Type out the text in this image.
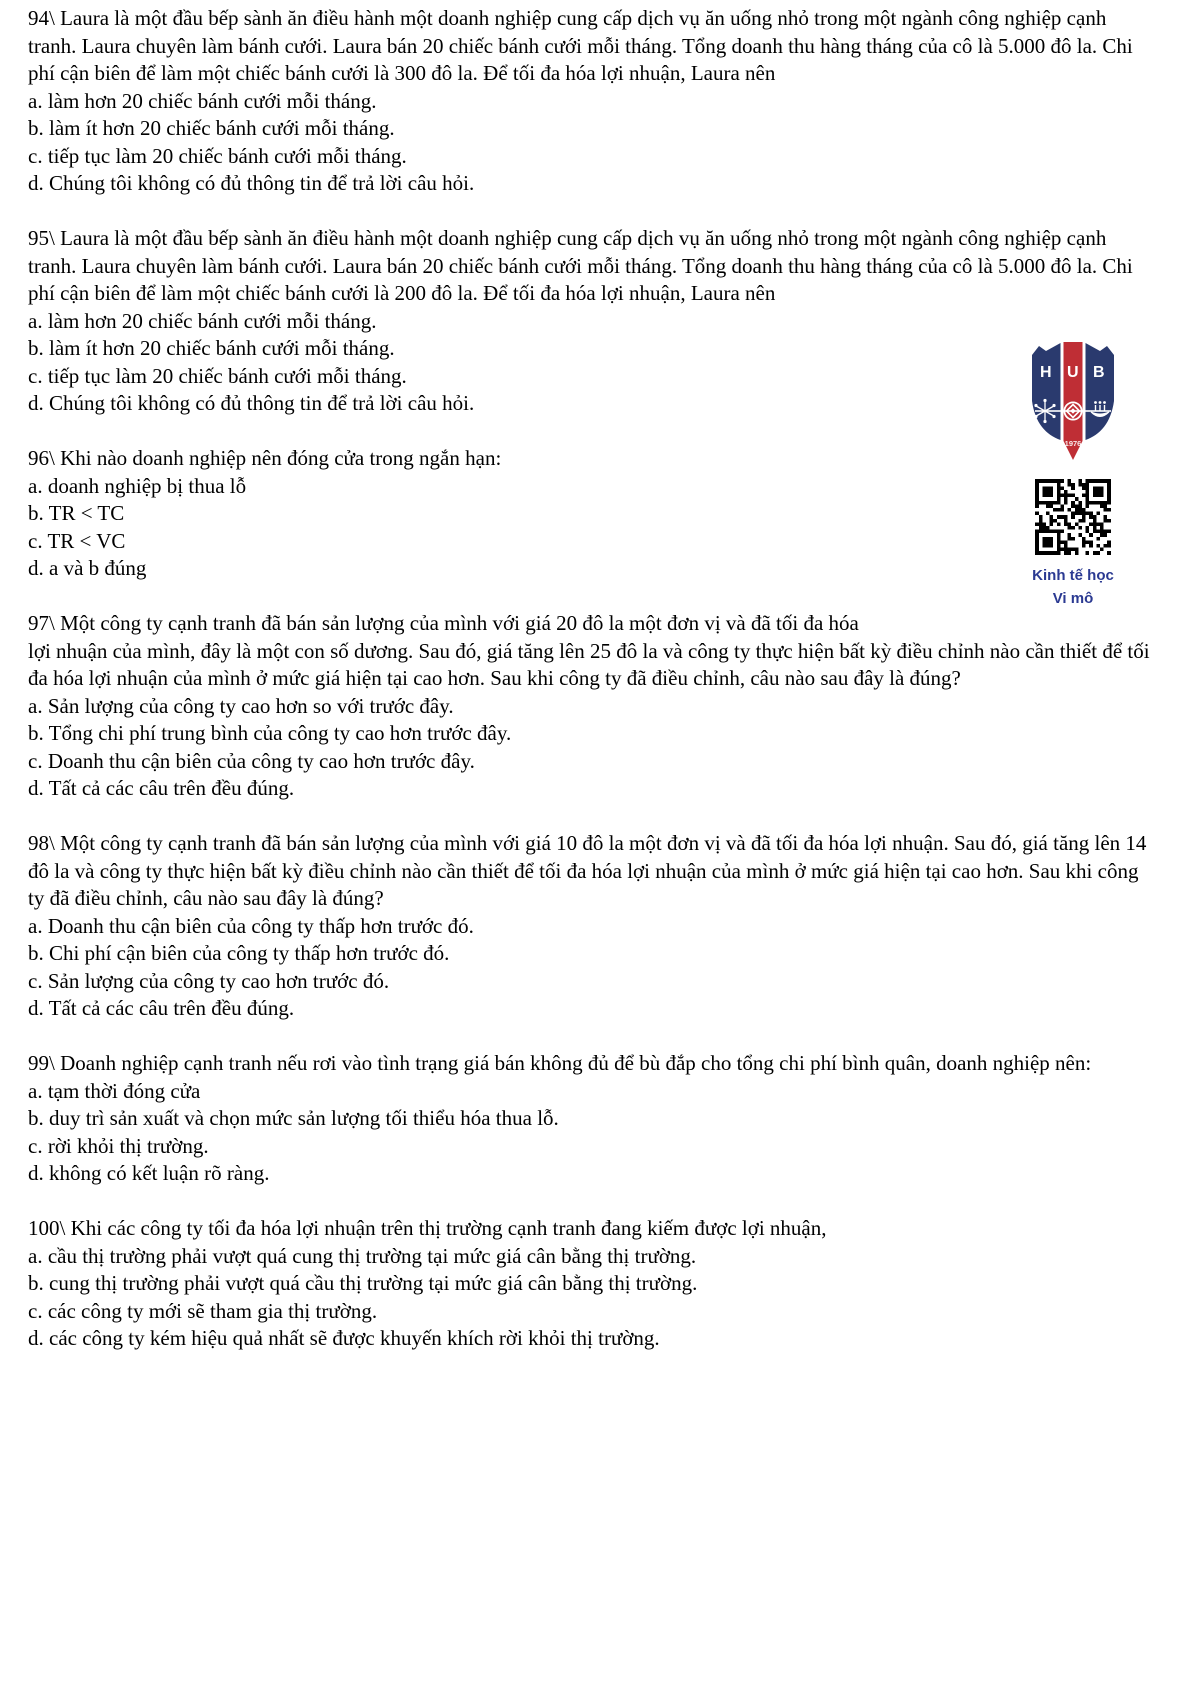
94\ Laura là một đầu bếp sành ăn điều hành một doanh nghiệp cung cấp dịch vụ ăn uống nhỏ trong một ngành công nghiệp cạnh tranh. Laura chuyên làm bánh cưới. Laura bán 20 chiếc bánh cưới mỗi tháng. Tổng doanh thu hàng tháng của cô là 5.000 đô la. Chi phí cận biên để làm một chiếc bánh cưới là 300 đô la. Để tối đa hóa lợi nhuận, Laura nên

a. làm hơn 20 chiếc bánh cưới mỗi tháng.

b. làm ít hơn 20 chiếc bánh cưới mỗi tháng.

c. tiếp tục làm 20 chiếc bánh cưới mỗi tháng.

d. Chúng tôi không có đủ thông tin để trả lời câu hỏi.

95\ Laura là một đầu bếp sành ăn điều hành một doanh nghiệp cung cấp dịch vụ ăn uống nhỏ trong một ngành công nghiệp cạnh tranh. Laura chuyên làm bánh cưới. Laura bán 20 chiếc bánh cưới mỗi tháng. Tổng doanh thu hàng tháng của cô là 5.000 đô la. Chi phí cận biên để làm một chiếc bánh cưới là 200 đô la. Để tối đa hóa lợi nhuận, Laura nên

a. làm hơn 20 chiếc bánh cưới mỗi tháng.

b. làm ít hơn 20 chiếc bánh cưới mỗi tháng.

c. tiếp tục làm 20 chiếc bánh cưới mỗi tháng.

d. Chúng tôi không có đủ thông tin để trả lời câu hỏi.

96\ Khi nào doanh nghiệp nên đóng cửa trong ngắn hạn:

a. doanh nghiệp bị thua lỗ

b. TR < TC

c. TR < VC

d. a và b đúng

97\ Một công ty cạnh tranh đã bán sản lượng của mình với giá 20 đô la một đơn vị và đã tối đa hóa

lợi nhuận của mình, đây là một con số dương. Sau đó, giá tăng lên 25 đô la và công ty thực hiện bất kỳ điều chỉnh nào cần thiết để tối đa hóa lợi nhuận của mình ở mức giá hiện tại cao hơn. Sau khi công ty đã điều chỉnh, câu nào sau đây là đúng?

a. Sản lượng của công ty cao hơn so với trước đây.

b. Tổng chi phí trung bình của công ty cao hơn trước đây.

c. Doanh thu cận biên của công ty cao hơn trước đây.

d. Tất cả các câu trên đều đúng.

98\ Một công ty cạnh tranh đã bán sản lượng của mình với giá 10 đô la một đơn vị và đã tối đa hóa lợi nhuận. Sau đó, giá tăng lên 14 đô la và công ty thực hiện bất kỳ điều chỉnh nào cần thiết để tối đa hóa lợi nhuận của mình ở mức giá hiện tại cao hơn. Sau khi công ty đã điều chỉnh, câu nào sau đây là đúng?

a. Doanh thu cận biên của công ty thấp hơn trước đó.

b. Chi phí cận biên của công ty thấp hơn trước đó.

c. Sản lượng của công ty cao hơn trước đó.

d. Tất cả các câu trên đều đúng.

99\ Doanh nghiệp cạnh tranh nếu rơi vào tình trạng giá bán không đủ để bù đắp cho tổng chi phí bình quân, doanh nghiệp nên:

a. tạm thời đóng cửa

b. duy trì sản xuất và chọn mức sản lượng tối thiểu hóa thua lỗ.

c. rời khỏi thị trường.

d. không có kết luận rõ ràng.

100\ Khi các công ty tối đa hóa lợi nhuận trên thị trường cạnh tranh đang kiếm được lợi nhuận,

a. cầu thị trường phải vượt quá cung thị trường tại mức giá cân bằng thị trường.

b. cung thị trường phải vượt quá cầu thị trường tại mức giá cân bằng thị trường.

c. các công ty mới sẽ tham gia thị trường.

d. các công ty kém hiệu quả nhất sẽ được khuyến khích rời khỏi thị trường.

H U B
1976
Kinh tế học
Vi mô
